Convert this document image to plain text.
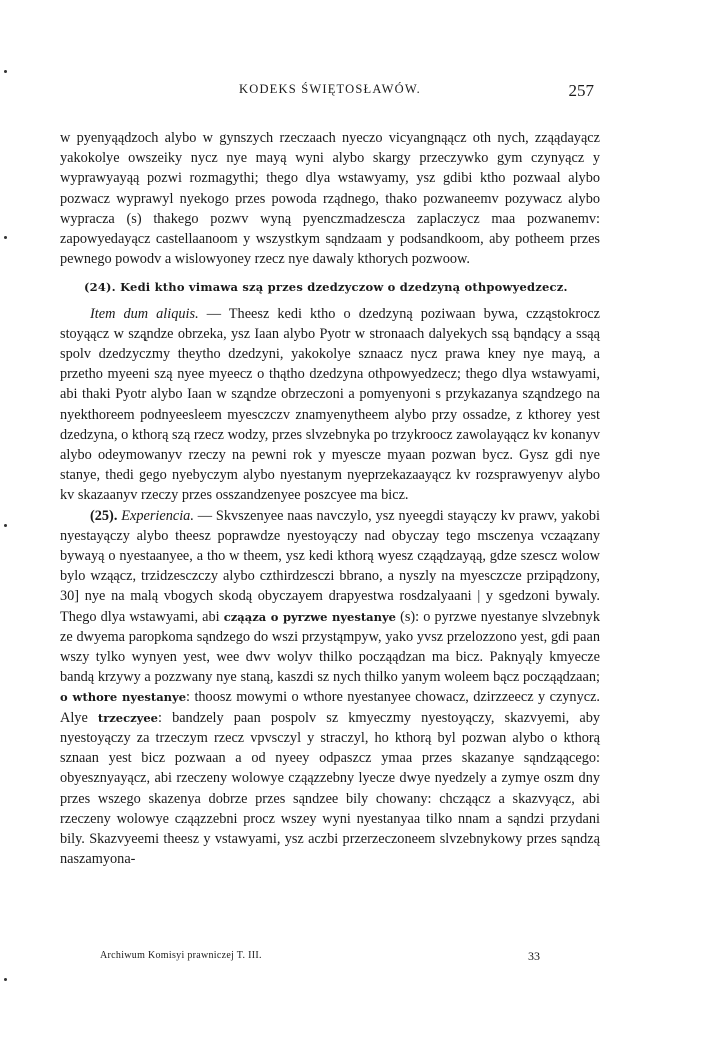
KODEKS ŚWIĘTOSŁAWÓW.	257

w pyenyąądzoch alybo w gynszych rzeczaach nyeczo vicyangnąącz oth nych, zząądayącz yakokolye owszeiky nycz nye mayą wyni alybo skargy przeczywko gym czynyącz y wyprawyayąą pozwi rozmagythi; thego dlya wstawyamy, ysz gdibi ktho pozwaal alybo pozwacz wyprawyl nyekogo przes powoda rządnego, thako pozwaneemv pozywacz alybo wypracza (s) thakego pozwv wyną pyenczmadzescza zaplaczycz maa pozwanemv: zapowyedayącz castellaanoom y wszystkym sąndzaam y podsandkoom, aby potheem przes pewnego powodv a wislowyoney rzecz nye dawaly kthorych pozwoow.

(24). Kedi ktho vimawa szą przes dzedzyczow o dzedzyną othpowyedzecz.

Item dum aliquis. — Theesz kedi ktho o dzedzyną poziwaan bywa, czząstokrocz stoyąącz w szą̨ndze obrzeka, ysz Iaan alybo Pyotr w stronaach dalyekych ssą bąndący a ssąą spolv dzedzyczmy theytho dzedzyni, yakokolye sznaacz nycz prawa kney nye mayą, a przetho myeeni szą nyee myeecz o thątho dzedzyna othpowyedzecz; thego dlya wstawyami, abi thaki Pyotr alybo Iaan w szą̨ndze obrzeczoni a pomyenyoni s przykazanya szą̨ndzego na nyekthoreem podnyeesleem myesczczv znamyenytheem alybo przy ossadze, z kthorey yest dzedzyna, o kthorą szą rzecz wodzy, przes slvzebnyka po trzykroocz zawolayąącz kv konanyv alybo odeymowanyv rzeczy na pewni rok y myescze myaan pozwan bycz. Gysz gdi nye stanye, thedi gego nyebyczym alybo nyestanym nyeprzekazaayącz kv rozsprawyenyv alybo kv skazaanyv rzeczy przes osszandzenyee poszcyee ma bicz.

(25). Experiencia. — Skvszenyee naas navczylo, ysz nyeegdi stayączy kv prawv, yakobi nyestayączy alybo theesz poprawdze nyestoyączy nad obyczay tego msczenya vczaązany bywayą o nyestaanyee, a tho w theem, ysz kedi kthorą wyesz cząądzayąą, gdze szescz wolow bylo wząącz, trzidzesczczy alybo czthirdzesczi bbrano, a nyszly na myesczcze przipądzony, 30] nye na malą vbogych skodą obyczayem drapyestwa rosdzalyaani | y sgedzoni bywaly. Thego dlya wstawyami, abi cząąza o pyrzwe nyestanye (s): o pyrzwe nyestanye slvzebnyk ze dwyema paropkoma sąndzego do wszi przystąmpyw, yako yvsz przelozzono yest, gdi paan wszy tylko wynyen yest, wee dwv wolyv thilko począądzan ma bicz. Paknyąly kmyecze bandą krzywy a pozzwany nye staną, kaszdi sz nych thilko yanym woleem bącz począądzaan; o wthore nyestanye: thoosz mowymi o wthore nyestanyee chowacz, dzirzzeecz y czynycz. Alye trzeczyee: bandzely paan pospolv sz kmyeczmy nyestoyączy, skazvyemi, aby nyestoyączy za trzeczym rzecz vpvsczyl y straczyl, ho kthorą byl pozwan alybo o kthorą sznaan yest bicz pozwaan a od nyeey odpaszcz ymaa przes skazanye sąndząącego: obyesznyayącz, abi rzeczeny wolowye cząązzebny lyecze dwye nyedzely a zymye oszm dny przes wszego skazenya dobrze przes sąndzee bily chowany: chcząącz a skazvyącz, abi rzeczeny wolowye cząązzebni procz wszey wyni nyestanyaa tilko nnam a sąndzi przydani bily. Skazvyeemi theesz y vstawyami, ysz aczbi przerzeczoneem slvzebnykowy przes sąndzą naszamyona-

Archiwum Komisyi prawniczej T. III.	33
